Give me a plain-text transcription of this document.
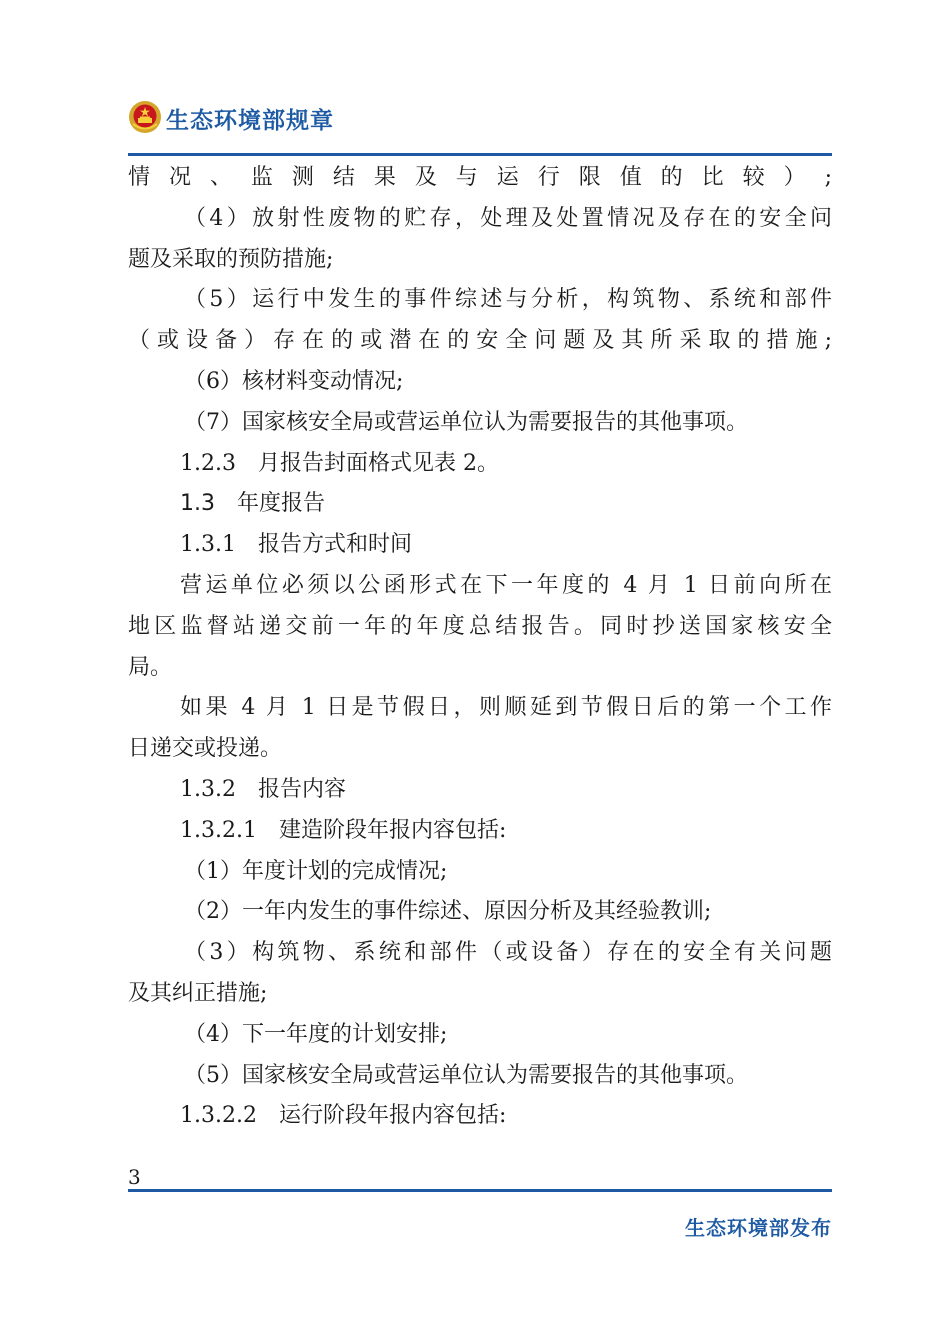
生态环境部规章
情况、监测结果及与运行限值的比较）;
（4）放射性废物的贮存，处理及处置情况及存在的安全问
题及采取的预防措施;
（5）运行中发生的事件综述与分析，构筑物、系统和部件
（或设备）存在的或潜在的安全问题及其所采取的措施;
（6）核材料变动情况;
（7）国家核安全局或营运单位认为需要报告的其他事项。
1.2.3　月报告封面格式见表 2。
1.3　年度报告
1.3.1　报告方式和时间
营运单位必须以公函形式在下一年度的 4 月 1 日前向所在
地区监督站递交前一年的年度总结报告。同时抄送国家核安全
局。
如果 4 月 1 日是节假日，则顺延到节假日后的第一个工作
日递交或投递。
1.3.2　报告内容
1.3.2.1　建造阶段年报内容包括:
（1）年度计划的完成情况;
（2）一年内发生的事件综述、原因分析及其经验教训;
（3）构筑物、系统和部件（或设备）存在的安全有关问题
及其纠正措施;
（4）下一年度的计划安排;
（5）国家核安全局或营运单位认为需要报告的其他事项。
1.3.2.2　运行阶段年报内容包括:
3
生态环境部发布
